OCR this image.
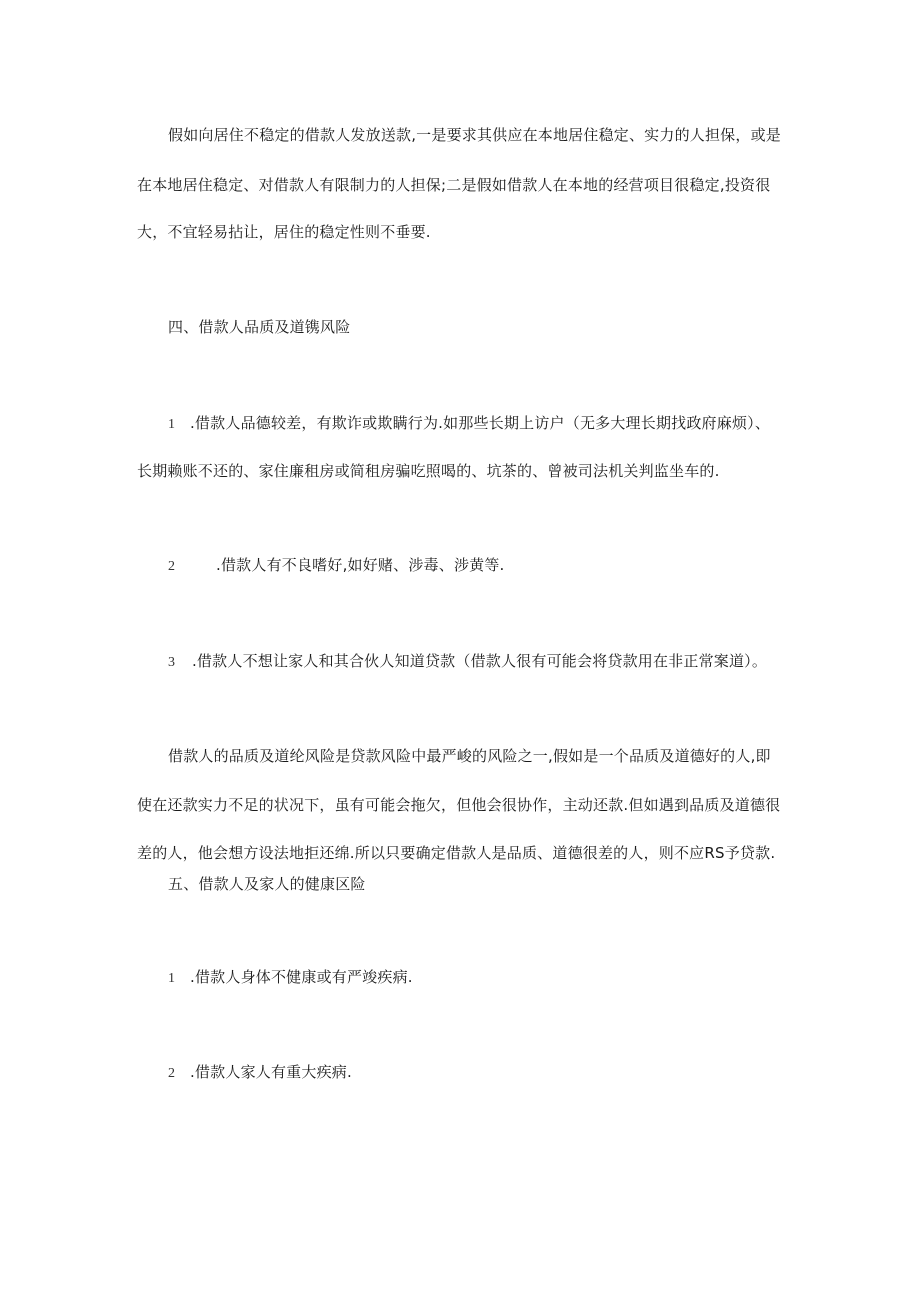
假如向居住不稳定的借款人发放送款,一是要求其供应在本地居住稳定、实力的人担保，或是
在本地居住稳定、对借款人有限制力的人担保;二是假如借款人在本地的经营项目很稳定,投资很
大，不宜轻易拈让，居住的稳定性则不垂要.
四、借款人品质及道镌风险
1 .借款人品德较差，有欺诈或欺瞒行为.如那些长期上访户（无多大理长期找政府麻烦）、
长期赖账不还的、家住廉租房或简租房骗吃照喝的、坑茶的、曾被司法机关判监坐车的.
2	.借款人有不良嗜好,如好赌、涉毒、涉黄等.
3 .借款人不想让家人和其合伙人知道贷款（借款人很有可能会将贷款用在非正常案道）。
借款人的品质及道纶风险是贷款风险中最严峻的风险之一,假如是一个品质及道德好的人,即
使在还款实力不足的状况下，虽有可能会拖欠，但他会很协作，主动还款.但如遇到品质及道德很
差的人，他会想方设法地拒还绵.所以只要确定借款人是品质、道德很差的人，则不应RS予贷款.
五、借款人及家人的健康区险
1 .借款人身体不健康或有严竣疾病.
2 .借款人家人有重大疾病.
